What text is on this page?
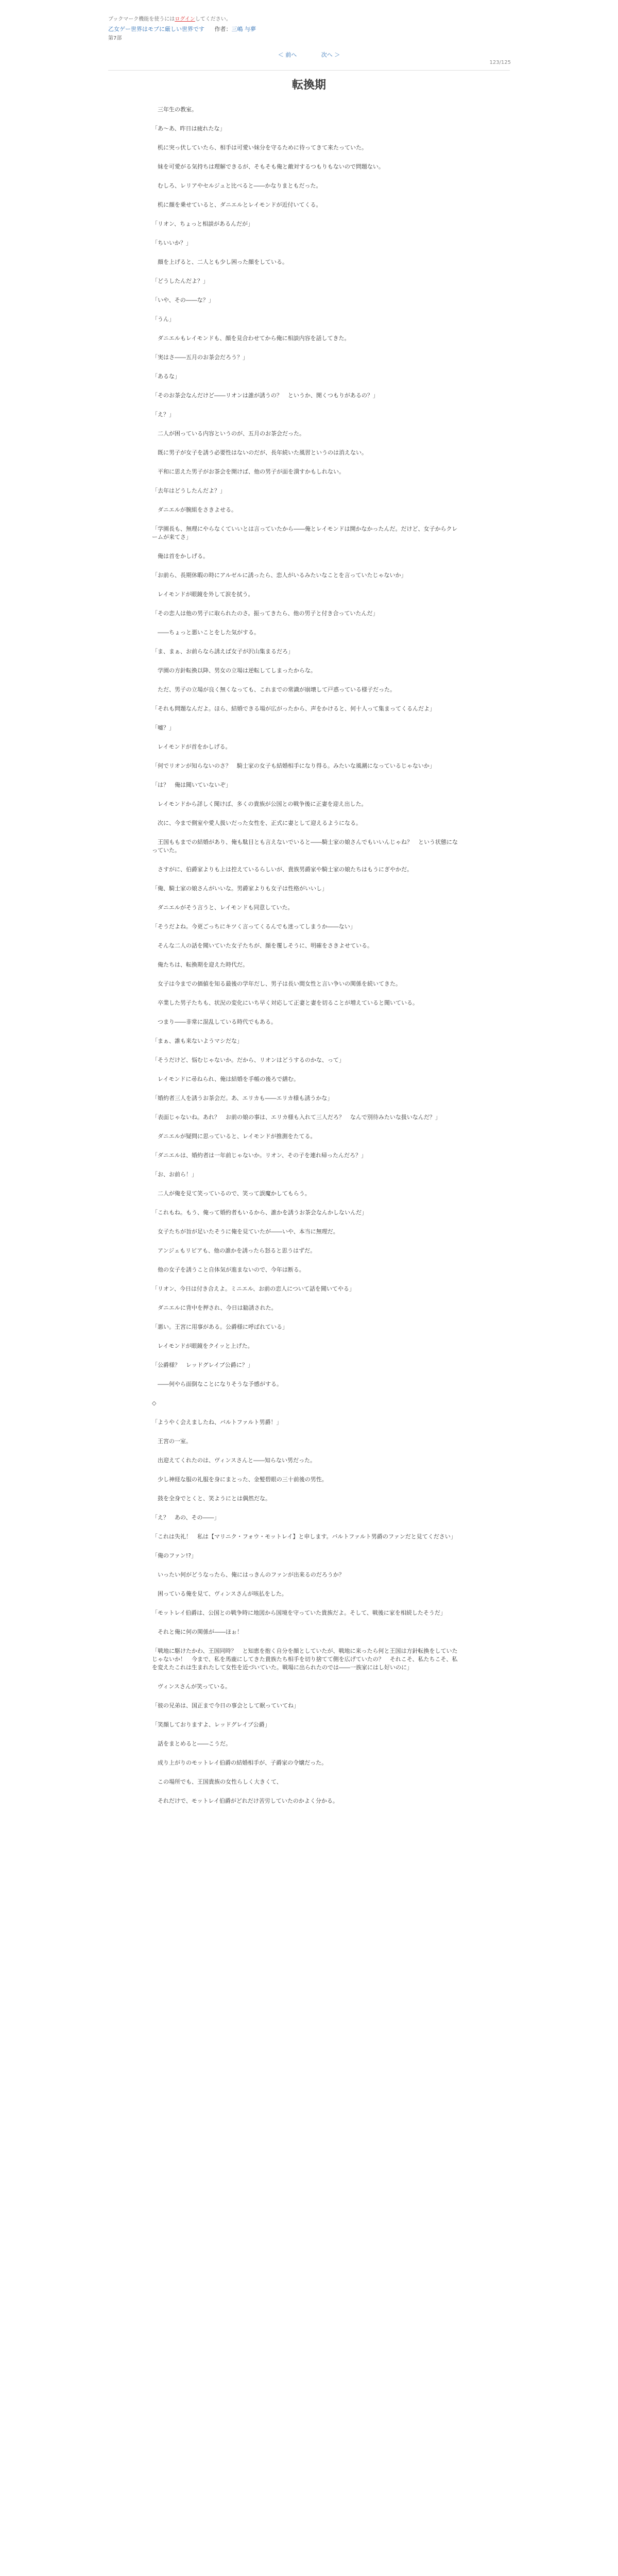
ブックマーク機能を使うにはログインしてください。
乙女ゲー世界はモブに厳しい世界です 作者：三嶋 与夢
第7部
＜ 前へ	次へ ＞
123/125
転換期

　三年生の教室。

「あ〜あ、昨日は疲れたな」

　机に突っ伏していたら、相手は可愛い妹分を守るために待ってきて来たっていた。

　妹を可愛がる気持ちは理解できるが、そもそも俺と敵対するつもりもないので問題ない。

　むしろ、レリアやセルジュと比べると――かなりまともだった。

　机に顔を乗せていると、ダニエルとレイモンドが近付いてくる。

「リオン、ちょっと相談があるんだが」

「ちいいか？」

　顔を上げると、二人とも少し困った顔をしている。

「どうしたんだよ？」

「いや、その――な？」

「うん」

　ダニエルもレイモンドも、顔を見合わせてから俺に相談内容を話してきた。

「実はさ――五月のお茶会だろう？」

「あるな」

「そのお茶会なんだけど――リオンは誰が誘うの？　というか、開くつもりがあるの？」

「え？」

　二人が困っている内容というのが、五月のお茶会だった。

　既に男子が女子を誘う必要性はないのだが、長年続いた風習というのは消えない。

　平和に思えた男子がお茶会を開けば、他の男子が面を潰すかもしれない。

「去年はどうしたんだよ？」

　ダニエルが腕組をさきよせる。

「学園長も、無理にやらなくていいとは言っていたから――俺とレイモンドは開かなかったんだ。だけど、女子からクレームが来てさ」

　俺は首をかしげる。

「お前ら、長期休暇の時にアルゼルに誘ったら、恋人がいるみたいなことを言っていたじゃないか」

　レイモンドが眼鏡を外して涙を拭う。

「その恋人は他の男子に取られたのさ。振ってきたら、他の男子と付き合っていたんだ」

　――ちょっと悪いことをした気がする。

「ま、まぁ、お前らなら誘えば女子が沢山集まるだろ」

　学園の方針転換以降、男女の立場は逆転してしまったからな。

　ただ、男子の立場が良く無くなっても、これまでの常識が崩壊して戸惑っている様子だった。

「それも問題なんだよ。ほら、結婚できる場が広がったから、声をかけると、何十人って集まってくるんだよ」

「嘘？」

　レイモンドが首をかしげる。

「何でリオンが知らないのさ？　騎士家の女子も結婚相手になり得る。みたいな風潮になっているじゃないか」

「は？　俺は聞いていないぞ」

　レイモンドから詳しく聞けば、多くの貴族が公国との戦争後に正妻を迎え出した。

　次に、今まで側室や愛人扱いだった女性を、正式に妻として迎えるようになる。

　王国ももまでの結婚があり、俺も駄目とも言えないでいると――騎士家の娘さんでもいいんじゃね？　という状態になっていた。

　さすがに、伯爵家よりも上は控えているらしいが、貴族男爵家や騎士家の娘たちはもうにぎやかだ。

「俺、騎士家の娘さんがいいな。男爵家よりも女子は性格がいいし」

　ダニエルがそう言うと、レイモンドも同意していた。

「そうだよね。今更ごっちにキツく言ってくるんでも迷ってしまうか――ない」

　そんな二人の話を聞いていた女子たちが、顔を覆しそうに、明確をさきよせている。

　俺たちは、転換期を迎えた時代だ。

　女子は今までの価値を知る最後の学年だし、男子は長い間女性と言い争いの関係を続いてきた。

　卒業した男子たちも、状況の変化にいち早く対応して正妻と妻を切ることが増えていると聞いている。

　つまり――非常に混乱している時代でもある。

「まぁ、誰も来ないようマシだな」

「そうだけど、悩むじゃないか。だから、リオンはどうするのかな、って」

　レイモンドに尋ねられ、俺は結婚を手帳の後ろで繕む。

「婚約者三人を誘うお茶会だ。あ、エリカも――エリカ様も誘うかな」

「表面じゃないね。あれ？　お前の娘の事は、エリカ様も入れて三人だろ？　なんで別待みたいな扱いなんだ？」

　ダニエルが疑問に思っていると、レイモンドが推測をたてる。

「ダニエルは、婚約者は一年前じゃないか。リオン、その子を連れ帰ったんだろ？」

「お、お前ら！」

　二人が俺を見て笑っているので、笑って誤魔かしてもらう。

「これもね。もう、俺って婚約者もいるから、誰かを誘うお茶会なんかしないんだ」

　女子たちが旨が足いたそうに俺を見ていたが――いや、本当に無理だ。

　アンジェもリビアも、他の誰かを誘ったら怒ると思うはずだ。

　他の女子を誘うこと自体気が進まないので、今年は断る。

「リオン、今日は付き合えよ。ミニエル、お前の恋人について話を聞いてやる」

　ダニエルに背中を押され、今日は勧誘された。

「悪い。王宮に用事がある。公爵様に呼ばれている」

　レイモンドが眼鏡をクイッと上げた。

「公爵様？　レッドグレイブ公爵に？」

　――何やら面倒なことになりそうな予感がする。

◇

「ようやく会えましたね、バルトファルト男爵！」

　王宮の一室。

　出迎えてくれたのは、ヴィンスさんと――知らない男だった。

　少し神経な服の礼服を身にまとった、金髪碧眼の三十前後の男性。

　鼓を全身でとくと、笑ようにとは偶然だな。

「え？　あの、その――」

「これは失礼！　私は【マリニク・フォウ・モットレイ】と申します。バルトファルト男爵のファンだと見てください」

「俺のファン!?」

　いったい何がどうなったら、俺にはっきんのファンが出来るのだろうか？

　困っている俺を見て、ヴィンスさんが咳払をした。

「モットレイ伯爵は、公国との戦争時に地図から国境を守っていた貴族だよ。そして、戦後に家を相続したそうだ」

　それと俺に何の関係が――ほぉ！

「戦地に駆けたかわ、王国同時？　と知恵を抱く自分を顔としていたが、戦地に来ったら何と王国は方針転換をしていたじゃないか！　今まで、私を馬鹿にしてきた貴族たち相手を切り捨てて側を広げていたの？　それこそ、私たちこそ、私を変えたこれは生まれたして女性を近づいていた。戦場に出られたのでは――一族家にはし好いのに」

　ヴィンスさんが笑っている。

「彼の兄弟は、国正まで今日の事会として眠っていてね」

「笑顔しておりますよ、レッドグレイブ公爵」

　話をまとめると――こうだ。

　成り上がりのモットレイ伯爵の結婚相手が、子爵家の令嬢だった。

　この場所でも、王国貴族の女性らしく大きくて、

　それだけで、モットレイ伯爵がどれだけ苦労していたのかよく分かる。
